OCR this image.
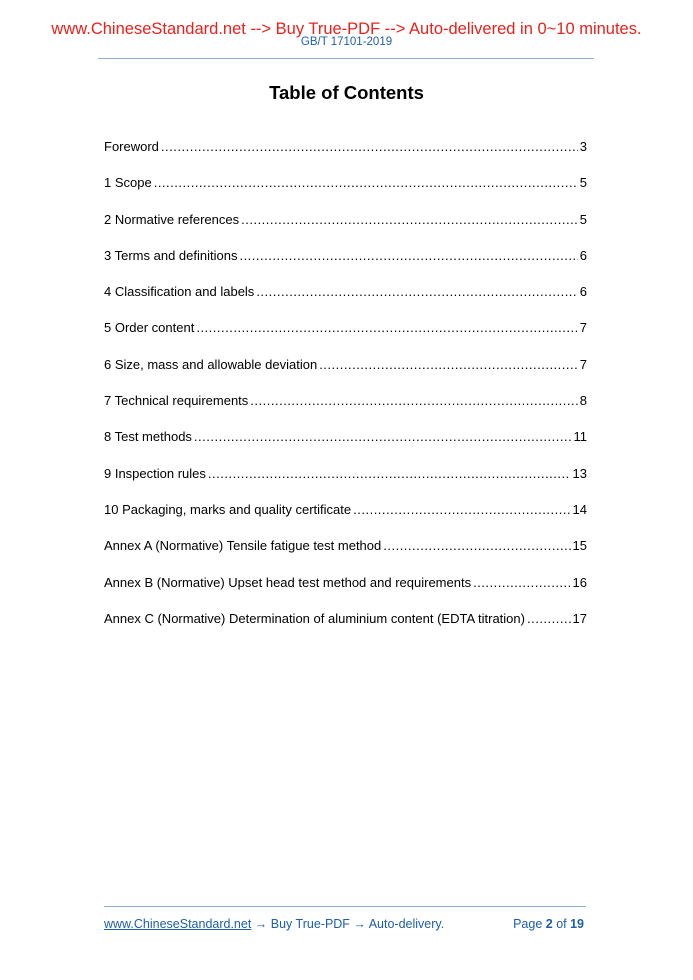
www.ChineseStandard.net --> Buy True-PDF --> Auto-delivered in 0~10 minutes.
GB/T 17101-2019
Table of Contents
Foreword .....	3
1 Scope .....	5
2 Normative references .....	5
3 Terms and definitions .....	6
4 Classification and labels .....	6
5 Order content .....	7
6 Size, mass and allowable deviation .....	7
7 Technical requirements .....	8
8 Test methods .....	11
9 Inspection rules .....	13
10 Packaging, marks and quality certificate .....	14
Annex A (Normative) Tensile fatigue test method .....	15
Annex B (Normative) Upset head test method and requirements .....	16
Annex C (Normative) Determination of aluminium content (EDTA titration) .....	17
www.ChineseStandard.net → Buy True-PDF → Auto-delivery.	Page 2 of 19
